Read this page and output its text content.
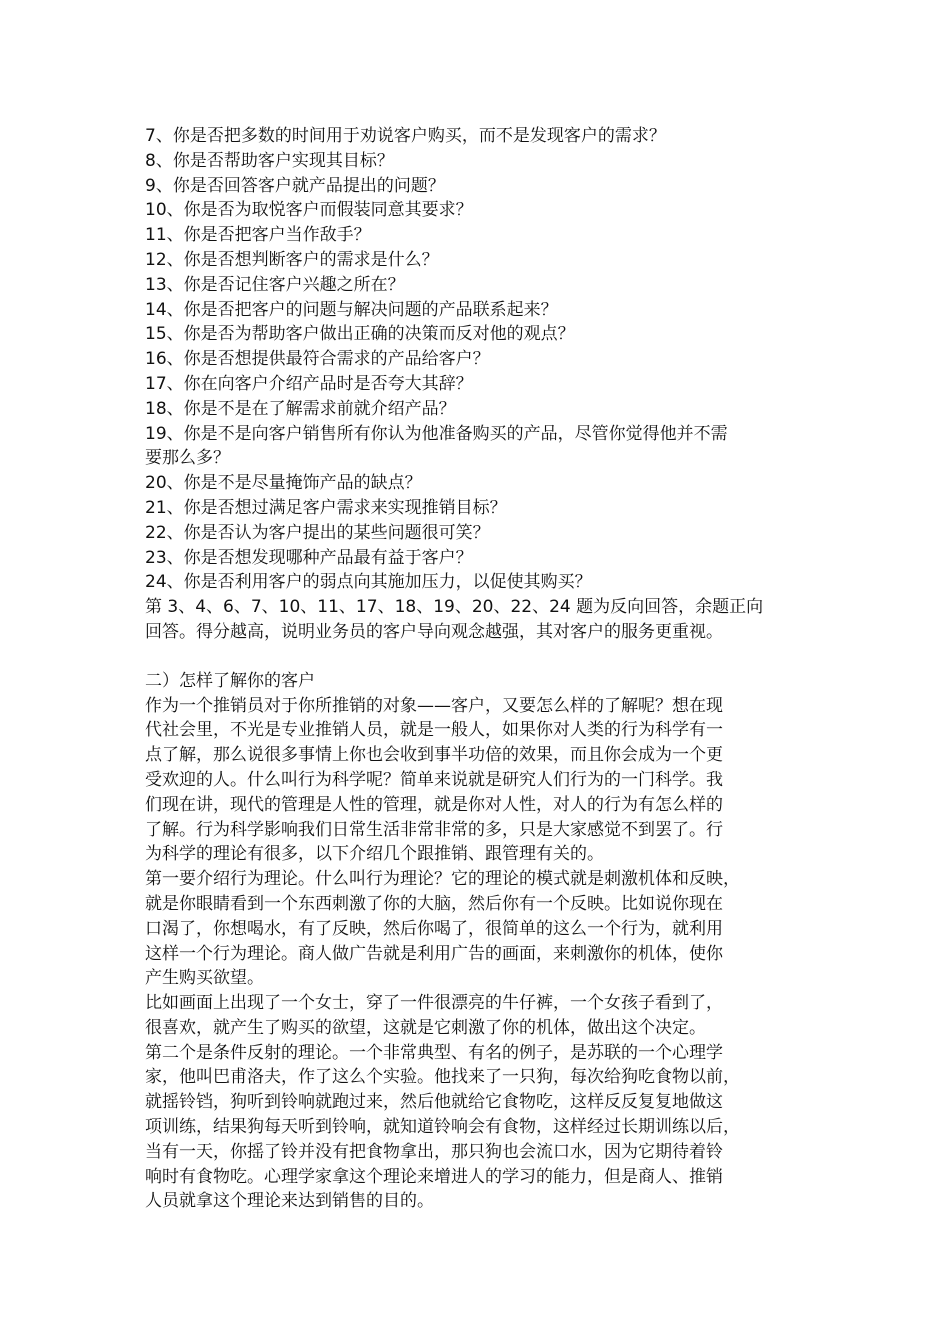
7、你是否把多数的时间用于劝说客户购买，而不是发现客户的需求？
8、你是否帮助客户实现其目标？
9、你是否回答客户就产品提出的问题？
10、你是否为取悦客户而假装同意其要求？
11、你是否把客户当作敌手？
12、你是否想判断客户的需求是什么？
13、你是否记住客户兴趣之所在？
14、你是否把客户的问题与解决问题的产品联系起来？
15、你是否为帮助客户做出正确的决策而反对他的观点？
16、你是否想提供最符合需求的产品给客户？
17、你在向客户介绍产品时是否夸大其辞？
18、你是不是在了解需求前就介绍产品？
19、你是不是向客户销售所有你认为他准备购买的产品，尽管你觉得他并不需
要那么多？
20、你是不是尽量掩饰产品的缺点？
21、你是否想过满足客户需求来实现推销目标？
22、你是否认为客户提出的某些问题很可笑？
23、你是否想发现哪种产品最有益于客户？
24、你是否利用客户的弱点向其施加压力，以促使其购买？
第 3、4、6、7、10、11、17、18、19、20、22、24 题为反向回答，余题正向
回答。得分越高，说明业务员的客户导向观念越强，其对客户的服务更重视。
二）怎样了解你的客户
作为一个推销员对于你所推销的对象——客户，又要怎么样的了解呢？想在现
代社会里，不光是专业推销人员，就是一般人，如果你对人类的行为科学有一
点了解，那么说很多事情上你也会收到事半功倍的效果，而且你会成为一个更
受欢迎的人。什么叫行为科学呢？简单来说就是研究人们行为的一门科学。我
们现在讲，现代的管理是人性的管理，就是你对人性，对人的行为有怎么样的
了解。行为科学影响我们日常生活非常非常的多，只是大家感觉不到罢了。行
为科学的理论有很多，以下介绍几个跟推销、跟管理有关的。
第一要介绍行为理论。什么叫行为理论？它的理论的模式就是刺激机体和反映，
就是你眼睛看到一个东西刺激了你的大脑，然后你有一个反映。比如说你现在
口渴了，你想喝水，有了反映，然后你喝了，很简单的这么一个行为，就利用
这样一个行为理论。商人做广告就是利用广告的画面，来刺激你的机体，使你
产生购买欲望。
比如画面上出现了一个女士，穿了一件很漂亮的牛仔裤，一个女孩子看到了，
很喜欢，就产生了购买的欲望，这就是它刺激了你的机体，做出这个决定。
第二个是条件反射的理论。一个非常典型、有名的例子，是苏联的一个心理学
家，他叫巴甫洛夫，作了这么个实验。他找来了一只狗，每次给狗吃食物以前，
就摇铃铛，狗听到铃响就跑过来，然后他就给它食物吃，这样反反复复地做这
项训练，结果狗每天听到铃响，就知道铃响会有食物，这样经过长期训练以后，
当有一天，你摇了铃并没有把食物拿出，那只狗也会流口水，因为它期待着铃
响时有食物吃。心理学家拿这个理论来增进人的学习的能力，但是商人、推销
人员就拿这个理论来达到销售的目的。
